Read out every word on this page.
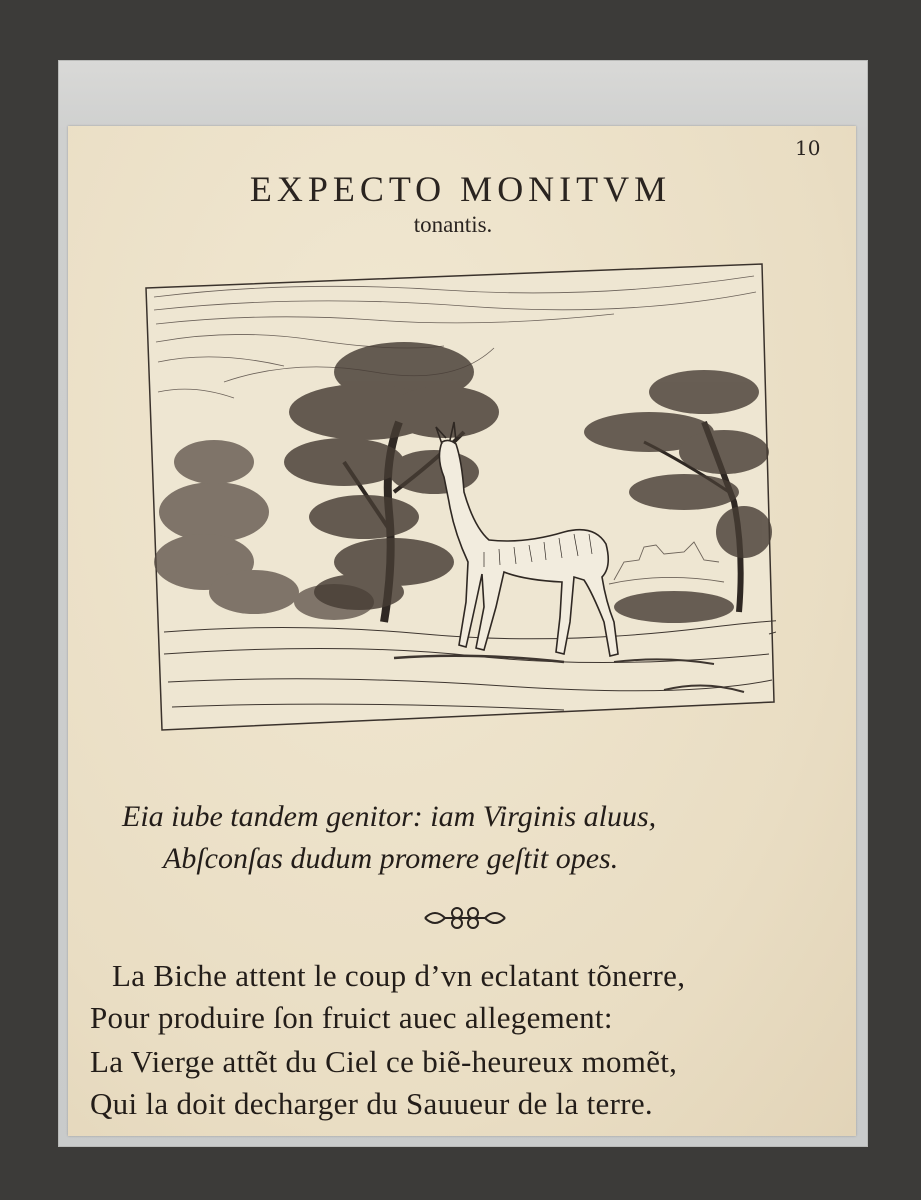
10
EXPECTO MONITVM
tonantis.
Eia iube tandem genitor: iam Virginis aluus,
Abſconſas dudum promere geſtit opes.
La Biche attent le coup d’vn eclatant tõnerre,
Pour produire ſon fruict auec allegement:
La Vierge attẽt du Ciel ce biẽ-heureux momẽt,
Qui la doit decharger du Sauueur de la terre.
